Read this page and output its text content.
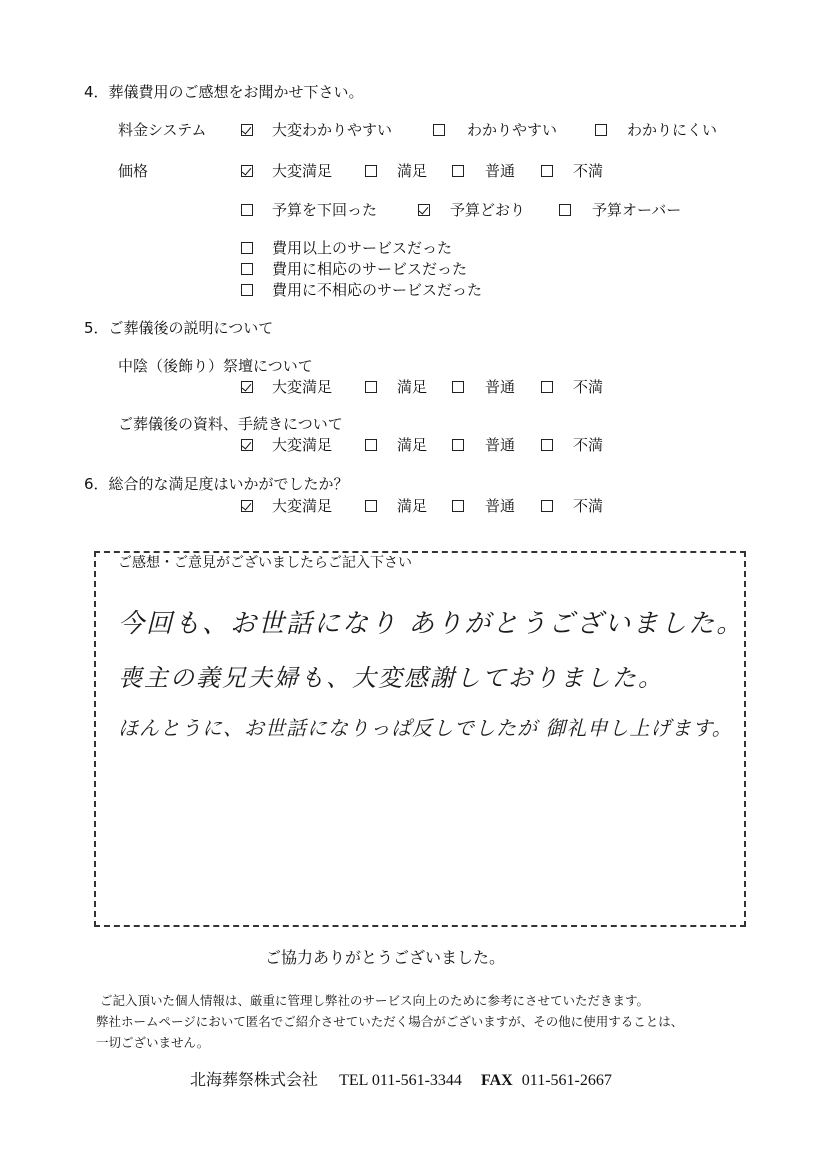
4．葬儀費用のご感想をお聞かせ下さい。
料金システム	大変わかりやすい	わかりやすい	わかりにくい
価格	大変満足	満足	普通	不満
予算を下回った	予算どおり	予算オーバー
費用以上のサービスだった
費用に相応のサービスだった
費用に不相応のサービスだった
5．ご葬儀後の説明について
中陰（後飾り）祭壇について
大変満足	満足	普通	不満
ご葬儀後の資料、手続きについて
大変満足	満足	普通	不満
6．総合的な満足度はいかがでしたか？
大変満足	満足	普通	不満
ご感想・ご意見がございましたらご記入下さい
今回も、お世話になり ありがとうございました。
喪主の義兄夫婦も、大変感謝しておりました。
ほんとうに、お世話になりっぱ反しでしたが 御礼申し上げます。
ご協力ありがとうございました。
ご記入頂いた個人情報は、厳重に管理し弊社のサービス向上のために参考にさせていただきます。
弊社ホームページにおいて匿名でご紹介させていただく場合がございますが、その他に使用することは、
一切ございません。
北海葬祭株式会社 TEL 011-561-3344 FAX 011-561-2667
